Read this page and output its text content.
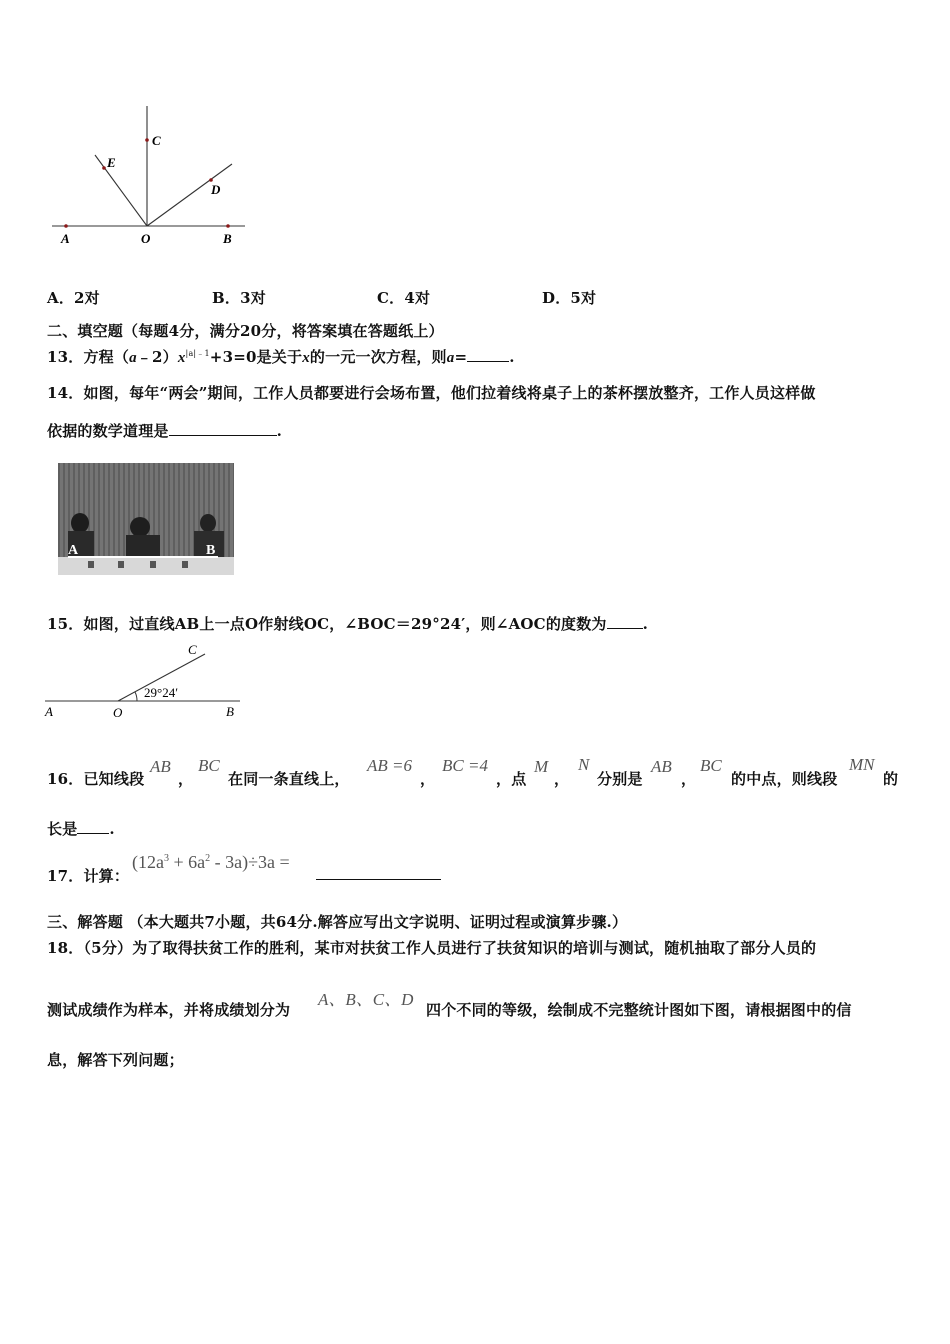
A	O	B
C
D
E
A．2对	B．3对	C．4对	D．5对
二、填空题（每题4分，满分20分，将答案填在答题纸上）
13．方程$(a﹣2)x^{|a|﹣1}+3=0$是关于x的一元一次方程，则a=	.
14．如图，每年“两会”期间，工作人员都要进行会场布置，他们拉着线将桌子上的茶杯摆放整齐，工作人员这样做
依据的数学道理是	.
A	B
15．如图，过直线AB上一点O作射线OC，∠BOC＝29°24′，则∠AOC的度数为 .
C
29°24′
A	O	B
16．已知线段
AB
，
BC
在同一条直线上，
AB =6
，
BC =4
，点
M
，
N
分别是
AB
，
BC
的中点，则线段
MN
的
长是 .
17．计算：
$(12a^3 + 6a^2 - 3a)\div 3a$ =
三、解答题 （本大题共7小题，共64分.解答应写出文字说明、证明过程或演算步骤.）
18．（5分）为了取得扶贫工作的胜利，某市对扶贫工作人员进行了扶贫知识的培训与测试，随机抽取了部分人员的
测试成绩作为样本，并将成绩划分为
A、B、C、D
四个不同的等级，绘制成不完整统计图如下图，请根据图中的信
息，解答下列问题；
